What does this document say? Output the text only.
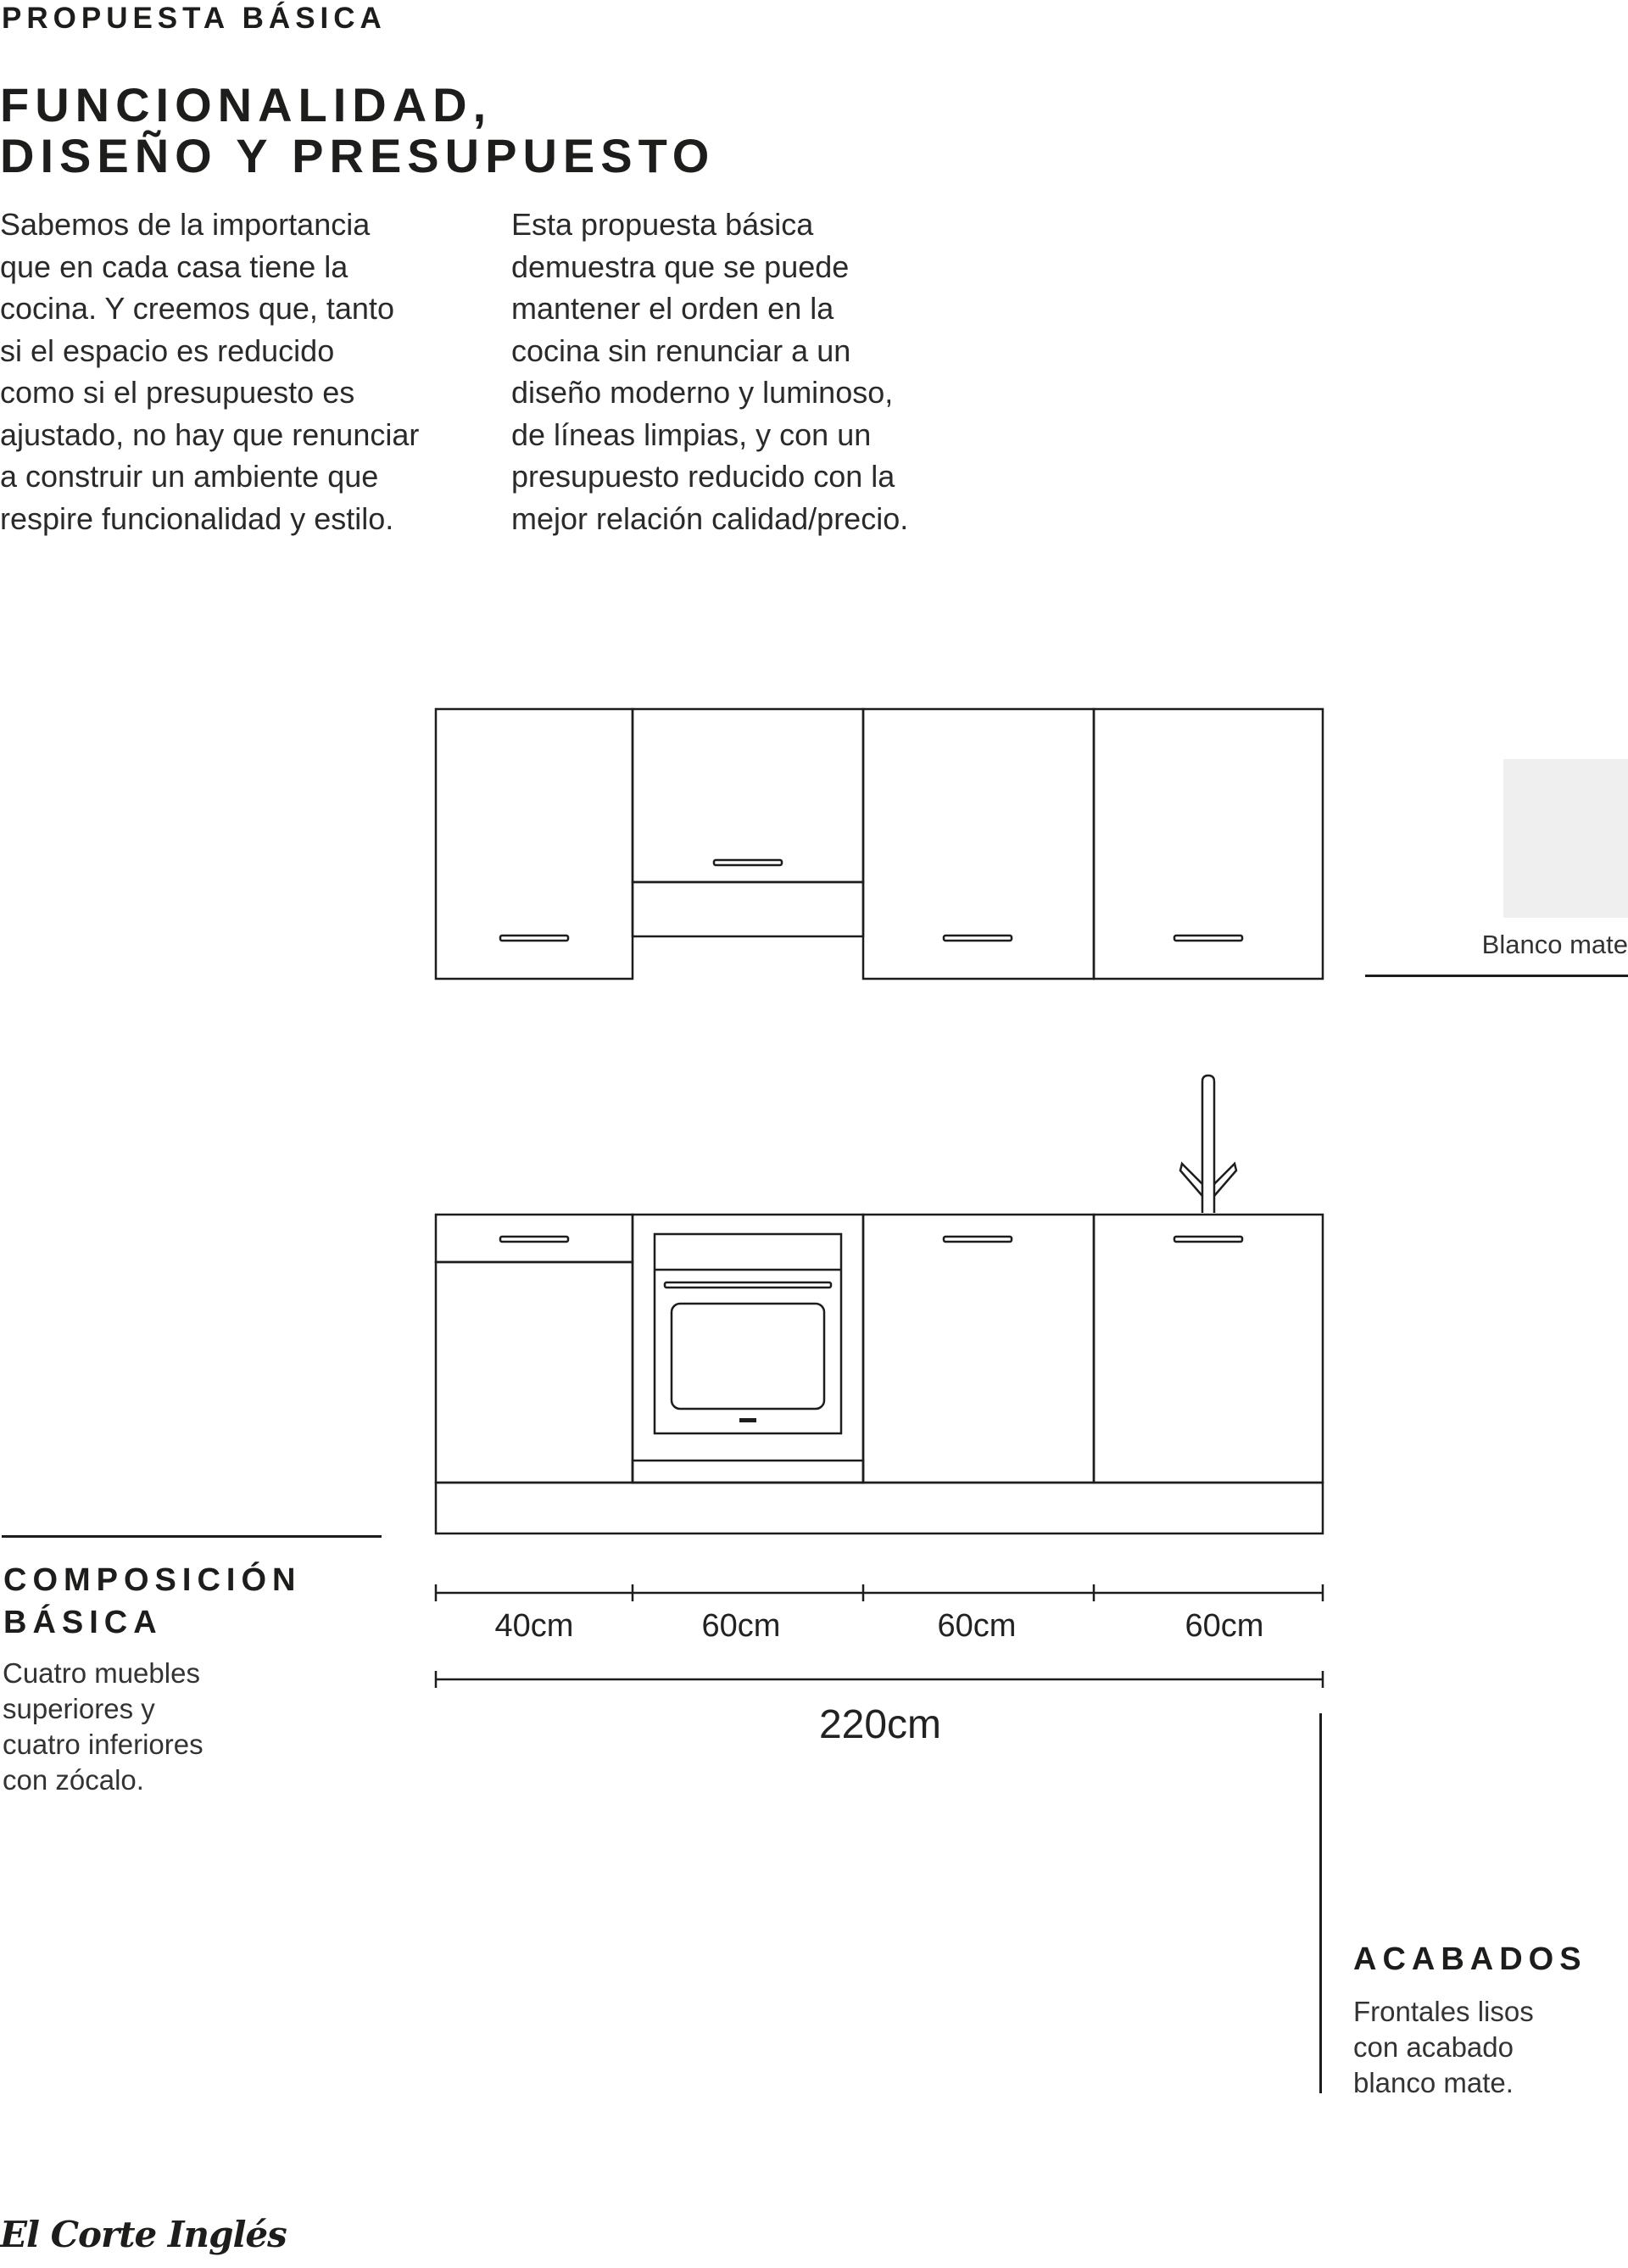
PROPUESTA BÁSICA
FUNCIONALIDAD,
DISEÑO Y PRESUPUESTO
Sabemos de la importancia
que en cada casa tiene la
cocina. Y creemos que, tanto
si el espacio es reducido
como si el presupuesto es
ajustado, no hay que renunciar
a construir un ambiente que
respire funcionalidad y estilo.
Esta propuesta básica
demuestra que se puede
mantener el orden en la
cocina sin renunciar a un
diseño moderno y luminoso,
de líneas limpias, y con un
presupuesto reducido con la
mejor relación calidad/precio.
Blanco mate
40cm	60cm	60cm	60cm
220cm
COMPOSICIÓN
BÁSICA
Cuatro muebles
superiores y
cuatro inferiores
con zócalo.
ACABADOS
Frontales lisos
con acabado
blanco mate.
El Corte Inglés
